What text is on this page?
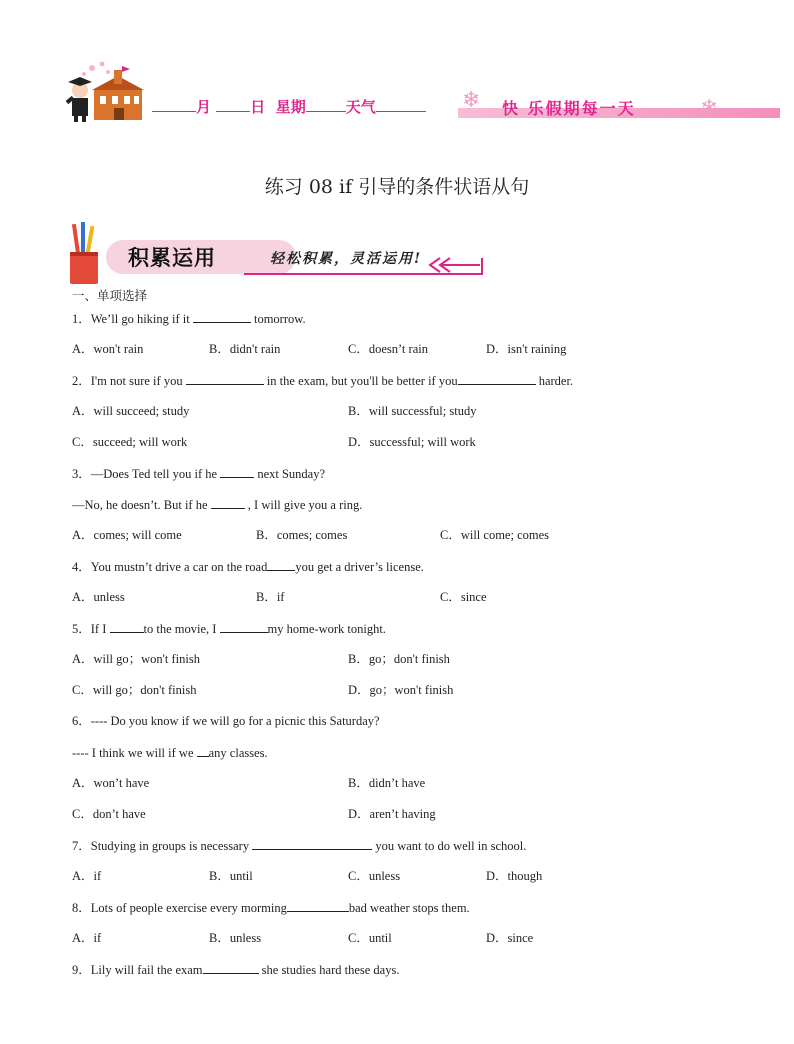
月	日 星期	天气	❄ 快 乐假期每一天	❄
练习 08 if 引导的条件状语从句
积累运用	轻松积累，灵活运用!
一、单项选择
1．We’ll go hiking if it	tomorrow.
A．won't rain	B．didn't rain	C．doesn’t rain	D．isn't raining
2．I'm not sure if you	in the exam, but you'll be better if you	harder.
A．will succeed; study	B．will successful; study
C．succeed; will work	D．successful; will work
3．—Does Ted tell you if he	next Sunday?
—No, he doesn’t. But if he	, I will give you a ring.
A．comes; will come	B．comes; comes	C．will come; comes
4．You mustn’t drive a car on the road you get a driver’s license.
A．unless	B．if	C．since
5．If I	to the movie, I	my home-work tonight.
A．will go；won't finish	B．go；don't finish
C．will go；don't finish	D．go；won't finish
6．---- Do you know if we will go for a picnic this Saturday?
---- I think we will if we any classes.
A．won’t have	B．didn’t have
C．don’t have	D．aren’t having
7．Studying in groups is necessary	you want to do well in school.
A．if	B．until	C．unless	D．though
8．Lots of people exercise every morming	bad weather stops them.
A．if	B．unless	C．until	D．since
9．Lily will fail the exam	she studies hard these days.
